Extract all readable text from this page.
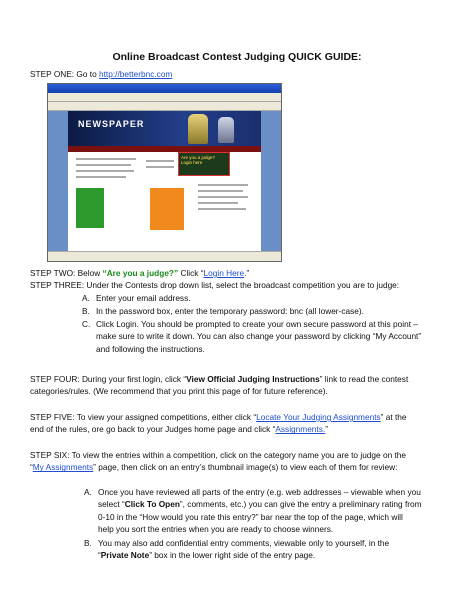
Online Broadcast Contest Judging QUICK GUIDE:

STEP ONE: Go to http://betterbnc.com

NEWSPAPER
Are you a judge? Login here

STEP TWO: Below “Are you a judge?” Click “Login Here.”

STEP THREE: Under the Contests drop down list, select the broadcast competition you are to judge:

A. Enter your email address.
B. In the password box, enter the temporary password: bnc (all lower-case).
C. Click Login. You should be prompted to create your own secure password at this point –
make sure to write it down. You can also change your password by clicking “My Account”
and following the instructions.

STEP FOUR: During your first login, click “View Official Judging Instructions” link to read the contest
categories/rules. (We recommend that you print this page of for future reference).

STEP FIVE: To view your assigned competitions, either click “Locate Your Judging Assignments” at the
end of the rules, ore go back to your Judges home page and click “Assignments.”

STEP SIX: To view the entries within a competition, click on the category name you are to judge on the
“My Assignments” page, then click on an entry’s thumbnail image(s) to view each of them for review:

A. Once you have reviewed all parts of the entry (e.g. web addresses – viewable when you
select “Click To Open”, comments, etc.) you can give the entry a preliminary rating from
0-10 in the “How would you rate this entry?” bar near the top of the page, which will
help you sort the entries when you are ready to choose winners.
B. You may also add confidential entry comments, viewable only to yourself, in the
“Private Note” box in the lower right side of the entry page.
